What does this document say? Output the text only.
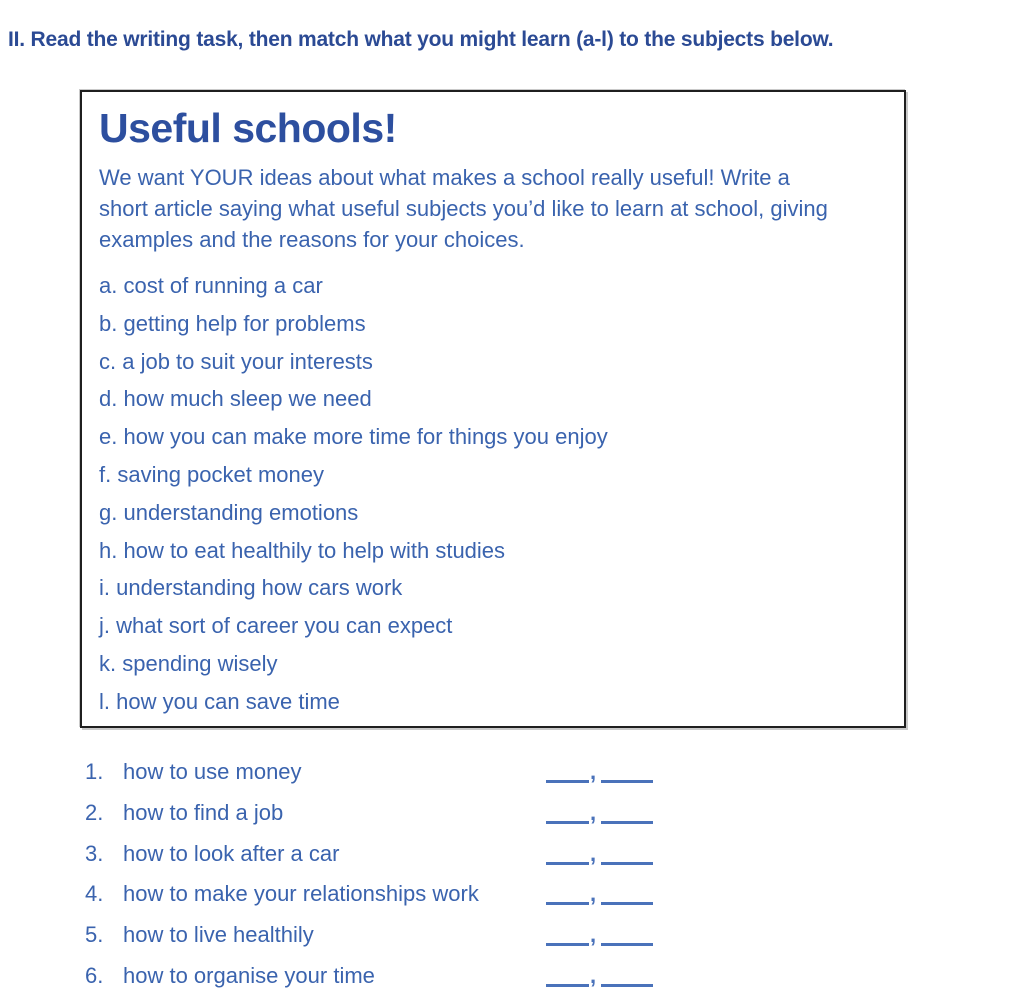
II. Read the writing task, then match what you might learn (a-l) to the subjects below.
Useful schools!
We want YOUR ideas about what makes a school really useful! Write a
short article saying what useful subjects you’d like to learn at school, giving
examples and the reasons for your choices.
a. cost of running a car
b. getting help for problems
c. a job to suit your interests
d. how much sleep we need
e. how you can make more time for things you enjoy
f. saving pocket money
g. understanding emotions
h. how to eat healthily to help with studies
i. understanding how cars work
j. what sort of career you can expect
k. spending wisely
l. how you can save time
1. how to use money	,
2. how to find a job	,
3. how to look after a car	,
4. how to make your relationships work	,
5. how to live healthily	,
6. how to organise your time	,
